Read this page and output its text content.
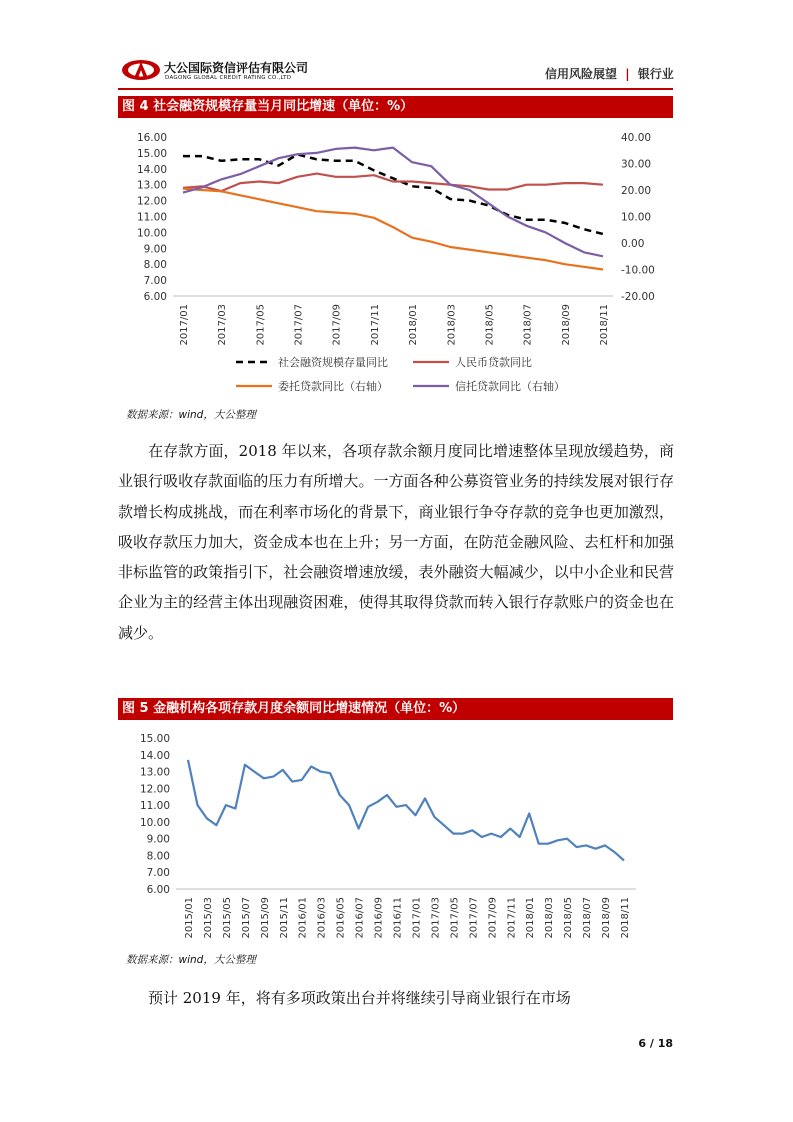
大公国际资信评估有限公司
DAGONG GLOBAL CREDIT RATING CO.,LTD	信用风险展望 | 银行业
图 4 社会融资规模存量当月同比增速（单位：%）
6.00
7.00
8.00
9.00
10.00
11.00
12.00
13.00
14.00
15.00
16.00
-20.00
-10.00
0.00
10.00
20.00
30.00
40.00
2017/01	2017/03	2017/05	2017/07	2017/09	2017/11	2018/01	2018/03	2018/05	2018/07	2018/09	2018/11
社会融资规模存量同比	人民币贷款同比
委托贷款同比（右轴）	信托贷款同比（右轴）
数据来源：wind，大公整理
在存款方面，2018 年以来，各项存款余额月度同比增速整体呈现放缓趋势，商业银行吸收存款面临的压力有所增大。一方面各种公募资管业务的持续发展对银行存款增长构成挑战，而在利率市场化的背景下，商业银行争夺存款的竞争也更加激烈，吸收存款压力加大，资金成本也在上升；另一方面，在防范金融风险、去杠杆和加强非标监管的政策指引下，社会融资增速放缓，表外融资大幅减少，以中小企业和民营企业为主的经营主体出现融资困难，使得其取得贷款而转入银行存款账户的资金也在减少。
图 5 金融机构各项存款月度余额同比增速情况（单位：%）
6.00
7.00
8.00
9.00
10.00
11.00
12.00
13.00
14.00
15.00
2015/01 2015/03 2015/05 2015/07 2015/09 2015/11 2016/01 2016/03 2016/05 2016/07 2016/09 2016/11 2017/01 2017/03 2017/05 2017/07 2017/09 2017/11 2018/01 2018/03 2018/05 2018/07 2018/09 2018/11
数据来源：wind，大公整理
预计 2019 年，将有多项政策出台并将继续引导商业银行在市场
6 / 18
